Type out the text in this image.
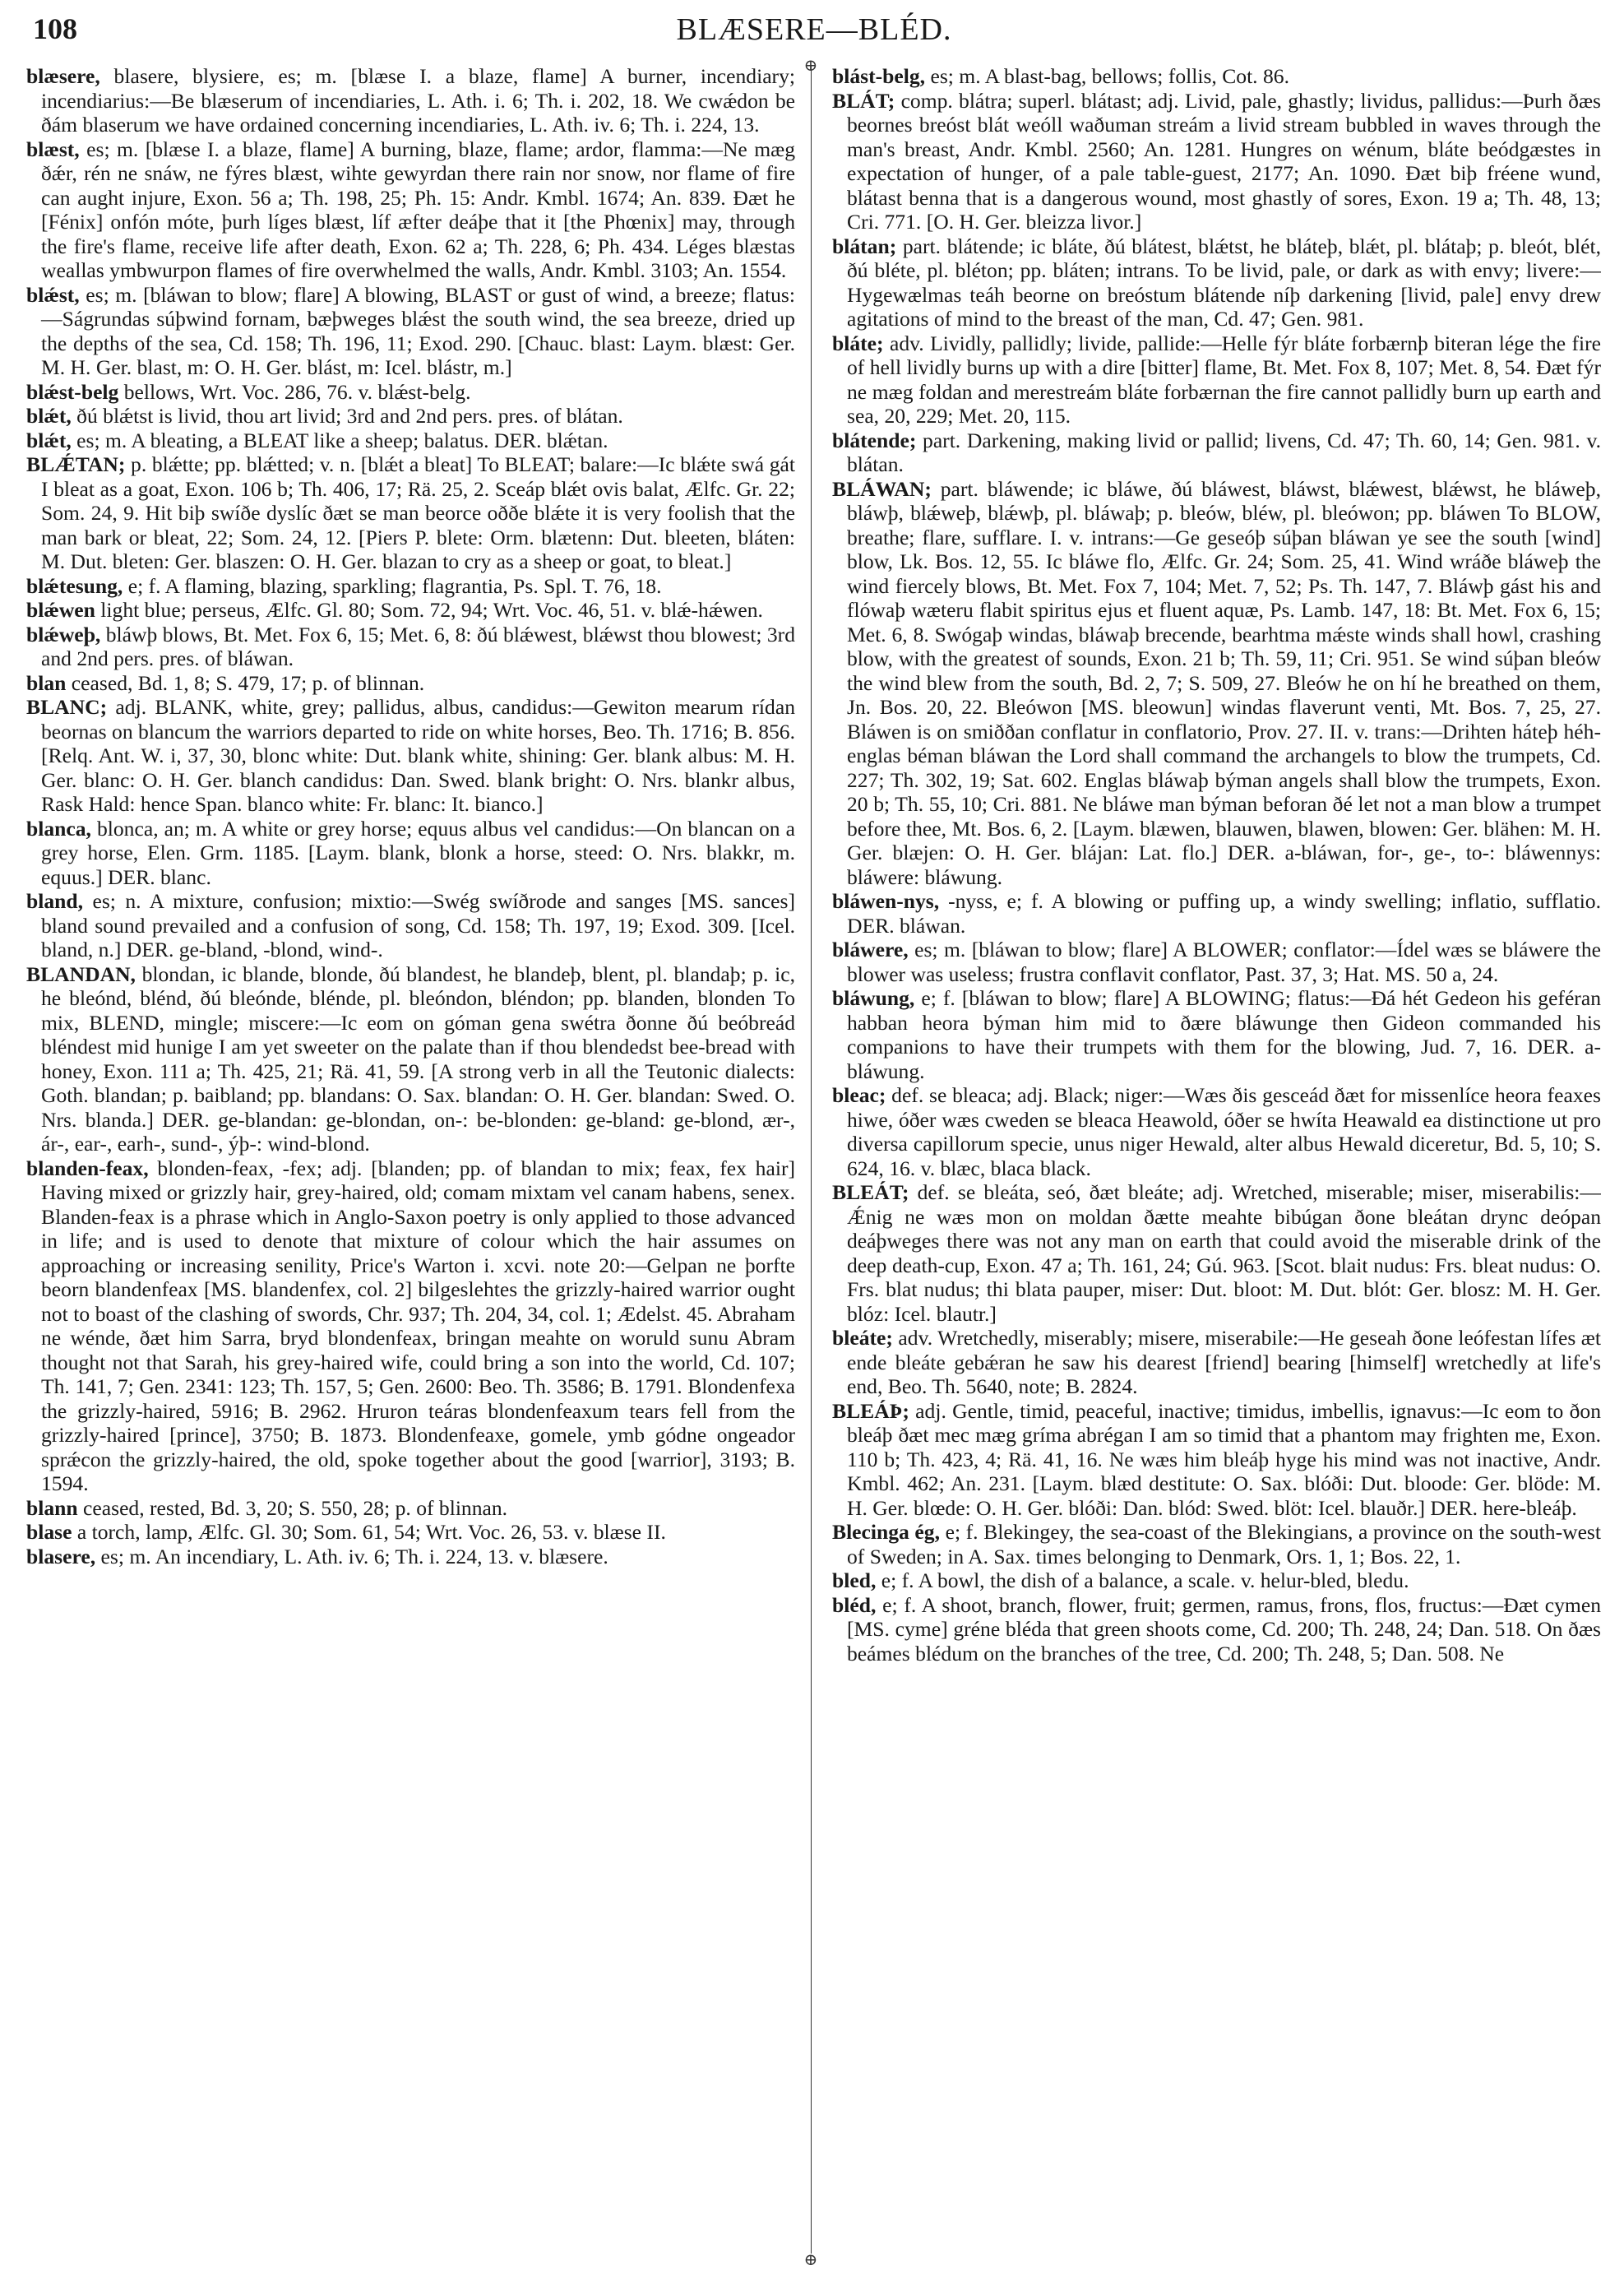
108	BLÆSERE—BLÉD.

blæsere, blasere, blysiere, es; m. [blæse I. a blaze, flame] A burner, incendiary; incendiarius:—Be blæserum of incendiaries, L. Ath. i. 6; Th. i. 202, 18. We cwǽdon be ðám blaserum we have ordained concerning incendiaries, L. Ath. iv. 6; Th. i. 224, 13.

blæst, es; m. [blæse I. a blaze, flame] A burning, blaze, flame; ardor, flamma:—Ne mæg ðǽr, rén ne snáw, ne fýres blæst, wihte gewyrdan there rain nor snow, nor flame of fire can aught injure, Exon. 56 a; Th. 198, 25; Ph. 15: Andr. Kmbl. 1674; An. 839. Ðæt he [Fénix] onfón móte, þurh líges blæst, líf æfter deáþe that it [the Phœnix] may, through the fire's flame, receive life after death, Exon. 62 a; Th. 228, 6; Ph. 434. Léges blæstas weallas ymbwurpon flames of fire overwhelmed the walls, Andr. Kmbl. 3103; An. 1554.

blǽst, es; m. [bláwan to blow; flare] A blowing, BLAST or gust of wind, a breeze; flatus:—Ságrundas súþwind fornam, bæþweges blǽst the south wind, the sea breeze, dried up the depths of the sea, Cd. 158; Th. 196, 11; Exod. 290. [Chauc. blast: Laym. blæst: Ger. M. H. Ger. blast, m: O. H. Ger. blást, m: Icel. blástr, m.]

blǽst-belg bellows, Wrt. Voc. 286, 76. v. blǽst-belg.

blǽt, ðú blǽtst is livid, thou art livid; 3rd and 2nd pers. pres. of blátan.

blǽt, es; m. A bleating, a BLEAT like a sheep; balatus. DER. blǽtan.

BLǼTAN; p. blǽtte; pp. blǽtted; v. n. [blǽt a bleat] To BLEAT; balare:—Ic blǽte swá gát I bleat as a goat, Exon. 106 b; Th. 406, 17; Rä. 25, 2. Sceáp blǽt ovis balat, Ælfc. Gr. 22; Som. 24, 9. Hit biþ swíðe dyslíc ðæt se man beorce oððe blǽte it is very foolish that the man bark or bleat, 22; Som. 24, 12. [Piers P. blete: Orm. blætenn: Dut. bleeten, bláten: M. Dut. bleten: Ger. blaszen: O. H. Ger. blazan to cry as a sheep or goat, to bleat.]

blǽtesung, e; f. A flaming, blazing, sparkling; flagrantia, Ps. Spl. T. 76, 18.

blǽwen light blue; perseus, Ælfc. Gl. 80; Som. 72, 94; Wrt. Voc. 46, 51. v. blǽ-hǽwen.

blǽweþ, bláwþ blows, Bt. Met. Fox 6, 15; Met. 6, 8: ðú blǽwest, blǽwst thou blowest; 3rd and 2nd pers. pres. of bláwan.

blan ceased, Bd. 1, 8; S. 479, 17; p. of blinnan.

BLANC; adj. BLANK, white, grey; pallidus, albus, candidus:—Gewiton mearum rídan beornas on blancum the warriors departed to ride on white horses, Beo. Th. 1716; B. 856. [Relq. Ant. W. i, 37, 30, blonc white: Dut. blank white, shining: Ger. blank albus: M. H. Ger. blanc: O. H. Ger. blanch candidus: Dan. Swed. blank bright: O. Nrs. blankr albus, Rask Hald: hence Span. blanco white: Fr. blanc: It. bianco.]

blanca, blonca, an; m. A white or grey horse; equus albus vel candidus:—On blancan on a grey horse, Elen. Grm. 1185. [Laym. blank, blonk a horse, steed: O. Nrs. blakkr, m. equus.] DER. blanc.

bland, es; n. A mixture, confusion; mixtio:—Swég swíðrode and sanges [MS. sances] bland sound prevailed and a confusion of song, Cd. 158; Th. 197, 19; Exod. 309. [Icel. bland, n.] DER. ge-bland, -blond, wind-.

BLANDAN, blondan, ic blande, blonde, ðú blandest, he blandeþ, blent, pl. blandaþ; p. ic, he bleónd, blénd, ðú bleónde, blénde, pl. bleóndon, bléndon; pp. blanden, blonden To mix, BLEND, mingle; miscere:—Ic eom on góman gena swétra ðonne ðú beóbreád bléndest mid hunige I am yet sweeter on the palate than if thou blendedst bee-bread with honey, Exon. 111 a; Th. 425, 21; Rä. 41, 59. [A strong verb in all the Teutonic dialects: Goth. blandan; p. baibland; pp. blandans: O. Sax. blandan: O. H. Ger. blandan: Swed. O. Nrs. blanda.] DER. ge-blandan: ge-blondan, on-: be-blonden: ge-bland: ge-blond, ær-, ár-, ear-, earh-, sund-, ýþ-: wind-blond.

blanden-feax, blonden-feax, -fex; adj. [blanden; pp. of blandan to mix; feax, fex hair] Having mixed or grizzly hair, grey-haired, old; comam mixtam vel canam habens, senex. Blanden-feax is a phrase which in Anglo-Saxon poetry is only applied to those advanced in life; and is used to denote that mixture of colour which the hair assumes on approaching or increasing senility, Price's Warton i. xcvi. note 20:—Gelpan ne þorfte beorn blandenfeax [MS. blandenfex, col. 2] bilgeslehtes the grizzly-haired warrior ought not to boast of the clashing of swords, Chr. 937; Th. 204, 34, col. 1; Ædelst. 45. Abraham ne wénde, ðæt him Sarra, bryd blondenfeax, bringan meahte on woruld sunu Abram thought not that Sarah, his grey-haired wife, could bring a son into the world, Cd. 107; Th. 141, 7; Gen. 2341: 123; Th. 157, 5; Gen. 2600: Beo. Th. 3586; B. 1791. Blondenfexa the grizzly-haired, 5916; B. 2962. Hruron teáras blondenfeaxum tears fell from the grizzly-haired [prince], 3750; B. 1873. Blondenfeaxe, gomele, ymb gódne ongeador sprǽcon the grizzly-haired, the old, spoke together about the good [warrior], 3193; B. 1594.

blann ceased, rested, Bd. 3, 20; S. 550, 28; p. of blinnan.

blase a torch, lamp, Ælfc. Gl. 30; Som. 61, 54; Wrt. Voc. 26, 53. v. blæse II.

blasere, es; m. An incendiary, L. Ath. iv. 6; Th. i. 224, 13. v. blæsere.

⊕
⊕

blást-belg, es; m. A blast-bag, bellows; follis, Cot. 86.

BLÁT; comp. blátra; superl. blátast; adj. Livid, pale, ghastly; lividus, pallidus:—Þurh ðæs beornes breóst blát weóll waðuman streám a livid stream bubbled in waves through the man's breast, Andr. Kmbl. 2560; An. 1281. Hungres on wénum, bláte beódgæstes in expectation of hunger, of a pale table-guest, 2177; An. 1090. Ðæt biþ fréene wund, blátast benna that is a dangerous wound, most ghastly of sores, Exon. 19 a; Th. 48, 13; Cri. 771. [O. H. Ger. bleizza livor.]

blátan; part. blátende; ic bláte, ðú blátest, blǽtst, he bláteþ, blǽt, pl. blátaþ; p. bleót, blét, ðú bléte, pl. bléton; pp. bláten; intrans. To be livid, pale, or dark as with envy; livere:—Hygewælmas teáh beorne on breóstum blátende níþ darkening [livid, pale] envy drew agitations of mind to the breast of the man, Cd. 47; Gen. 981.

bláte; adv. Lividly, pallidly; livide, pallide:—Helle fýr bláte forbærnþ biteran lége the fire of hell lividly burns up with a dire [bitter] flame, Bt. Met. Fox 8, 107; Met. 8, 54. Ðæt fýr ne mæg foldan and merestreám bláte forbærnan the fire cannot pallidly burn up earth and sea, 20, 229; Met. 20, 115.

blátende; part. Darkening, making livid or pallid; livens, Cd. 47; Th. 60, 14; Gen. 981. v. blátan.

BLÁWAN; part. bláwende; ic bláwe, ðú bláwest, bláwst, blǽwest, blǽwst, he bláweþ, bláwþ, blǽweþ, blǽwþ, pl. bláwaþ; p. bleów, bléw, pl. bleówon; pp. bláwen To BLOW, breathe; flare, sufflare. I. v. intrans:—Ge geseóþ súþan bláwan ye see the south [wind] blow, Lk. Bos. 12, 55. Ic bláwe flo, Ælfc. Gr. 24; Som. 25, 41. Wind wráðe bláweþ the wind fiercely blows, Bt. Met. Fox 7, 104; Met. 7, 52; Ps. Th. 147, 7. Bláwþ gást his and flówaþ wæteru flabit spiritus ejus et fluent aquæ, Ps. Lamb. 147, 18: Bt. Met. Fox 6, 15; Met. 6, 8. Swógaþ windas, bláwaþ brecende, bearhtma mǽste winds shall howl, crashing blow, with the greatest of sounds, Exon. 21 b; Th. 59, 11; Cri. 951. Se wind súþan bleów the wind blew from the south, Bd. 2, 7; S. 509, 27. Bleów he on hí he breathed on them, Jn. Bos. 20, 22. Bleówon [MS. bleowun] windas flaverunt venti, Mt. Bos. 7, 25, 27. Bláwen is on smiððan conflatur in conflatorio, Prov. 27. II. v. trans:—Drihten háteþ héh-englas béman bláwan the Lord shall command the archangels to blow the trumpets, Cd. 227; Th. 302, 19; Sat. 602. Englas bláwaþ býman angels shall blow the trumpets, Exon. 20 b; Th. 55, 10; Cri. 881. Ne bláwe man býman beforan ðé let not a man blow a trumpet before thee, Mt. Bos. 6, 2. [Laym. blæwen, blauwen, blawen, blowen: Ger. blähen: M. H. Ger. blæjen: O. H. Ger. blájan: Lat. flo.] DER. a-bláwan, for-, ge-, to-: bláwennys: bláwere: bláwung.

bláwen-nys, -nyss, e; f. A blowing or puffing up, a windy swelling; inflatio, sufflatio. DER. bláwan.

bláwere, es; m. [bláwan to blow; flare] A BLOWER; conflator:—Ídel wæs se bláwere the blower was useless; frustra conflavit conflator, Past. 37, 3; Hat. MS. 50 a, 24.

bláwung, e; f. [bláwan to blow; flare] A BLOWING; flatus:—Ðá hét Gedeon his geféran habban heora býman him mid to ðære bláwunge then Gideon commanded his companions to have their trumpets with them for the blowing, Jud. 7, 16. DER. a-bláwung.

bleac; def. se bleaca; adj. Black; niger:—Wæs ðis gesceád ðæt for missenlíce heora feaxes hiwe, óðer wæs cweden se bleaca Heawold, óðer se hwíta Heawald ea distinctione ut pro diversa capillorum specie, unus niger Hewald, alter albus Hewald diceretur, Bd. 5, 10; S. 624, 16. v. blæc, blaca black.

BLEÁT; def. se bleáta, seó, ðæt bleáte; adj. Wretched, miserable; miser, miserabilis:—Ǽnig ne wæs mon on moldan ðætte meahte bibúgan ðone bleátan drync deópan deáþweges there was not any man on earth that could avoid the miserable drink of the deep death-cup, Exon. 47 a; Th. 161, 24; Gú. 963. [Scot. blait nudus: Frs. bleat nudus: O. Frs. blat nudus; thi blata pauper, miser: Dut. bloot: M. Dut. blót: Ger. blosz: M. H. Ger. blóz: Icel. blautr.]

bleáte; adv. Wretchedly, miserably; misere, miserabile:—He geseah ðone leófestan lífes æt ende bleáte gebǽran he saw his dearest [friend] bearing [himself] wretchedly at life's end, Beo. Th. 5640, note; B. 2824.

BLEÁÞ; adj. Gentle, timid, peaceful, inactive; timidus, imbellis, ignavus:—Ic eom to ðon bleáþ ðæt mec mæg gríma abrégan I am so timid that a phantom may frighten me, Exon. 110 b; Th. 423, 4; Rä. 41, 16. Ne wæs him bleáþ hyge his mind was not inactive, Andr. Kmbl. 462; An. 231. [Laym. blæd destitute: O. Sax. blóði: Dut. bloode: Ger. blöde: M. H. Ger. blœde: O. H. Ger. blóði: Dan. blód: Swed. blöt: Icel. blauðr.] DER. here-bleáþ.

Blecinga ég, e; f. Blekingey, the sea-coast of the Blekingians, a province on the south-west of Sweden; in A. Sax. times belonging to Denmark, Ors. 1, 1; Bos. 22, 1.

bled, e; f. A bowl, the dish of a balance, a scale. v. helur-bled, bledu.

bléd, e; f. A shoot, branch, flower, fruit; germen, ramus, frons, flos, fructus:—Ðæt cymen [MS. cyme] gréne bléda that green shoots come, Cd. 200; Th. 248, 24; Dan. 518. On ðæs beámes blédum on the branches of the tree, Cd. 200; Th. 248, 5; Dan. 508. Ne
